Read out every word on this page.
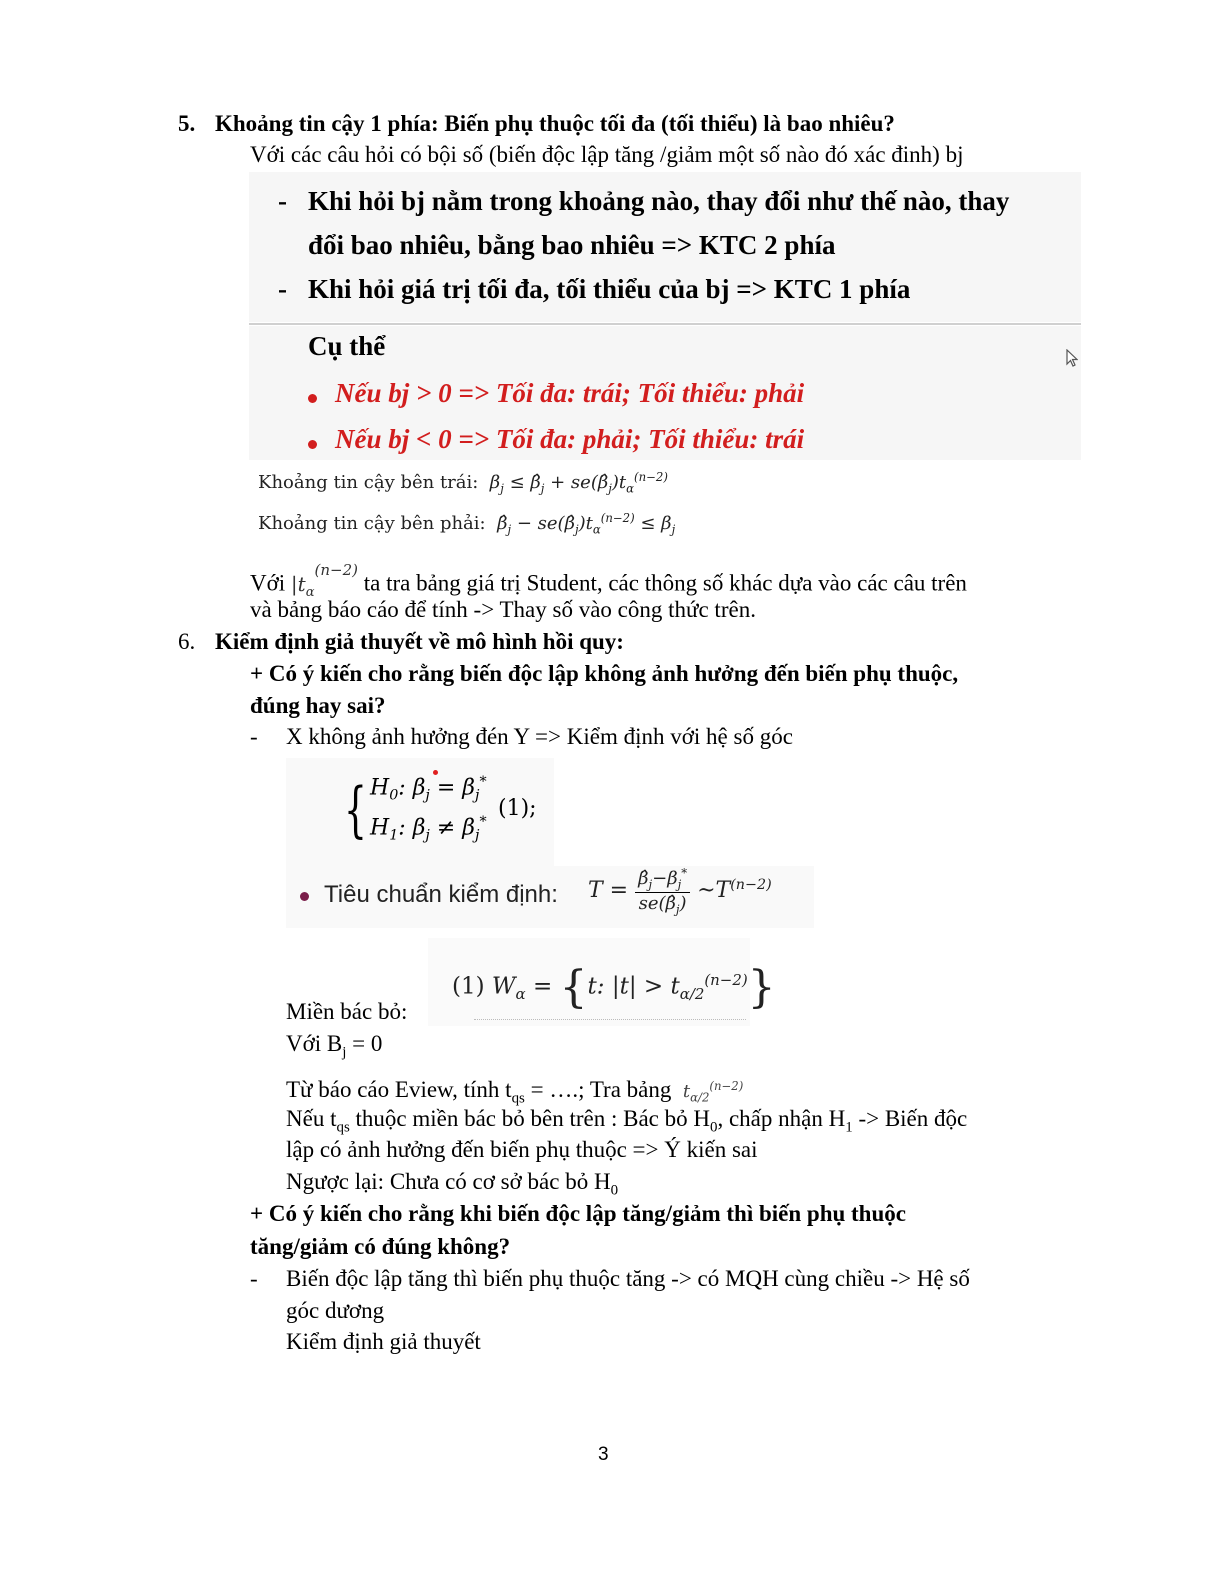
5. Khoảng tin cậy 1 phía: Biến phụ thuộc tối đa (tối thiểu) là bao nhiêu?
Với các câu hỏi có bội số (biến độc lập tăng /giảm một số nào đó xác đinh) bj
- Khi hỏi bj nằm trong khoảng nào, thay đổi như thế nào, thay
đổi bao nhiêu, bằng bao nhiêu => KTC 2 phía
- Khi hỏi giá trị tối đa, tối thiểu của bj => KTC 1 phía
Cụ thể
Nếu bj > 0 => Tối đa: trái; Tối thiểu: phải
Nếu bj < 0 => Tối đa: phải; Tối thiểu: trái
Khoảng tin cậy bên trái:  $\beta_j$ ≤ $\betâ_j$ + $se(\betâ_j)t_\alpha^{(n-2)}$
Khoảng tin cậy bên phải:  $\betâ_j$ − $se(\betâ_j)t_\alpha^{(n-2)} \le \beta_j$
Với $|t_\alpha^{(n-2)}$ ta tra bảng giá trị Student, các thông số khác dựa vào các câu trên
và bảng báo cáo để tính -> Thay số vào công thức trên.
6. Kiểm định giả thuyết về mô hình hồi quy:
+ Có ý kiến cho rằng biến độc lập không ảnh hưởng đến biến phụ thuộc,
đúng hay sai?
- X không ảnh hưởng đén Y => Kiểm định với hệ số góc
{ $H_0$: $\beta_j = \beta_j^*$
$H_1$: $\beta_j \ne \beta_j^*$
(1);
Tiêu chuẩn kiểm định: $T = \frac{\betâ_j-\beta_j^*}{se(\betâ_j)}$ $\sim T^{(n-2)}$
(1) $W_\alpha = \{t$: $|t| > t_{\alpha/2}^{(n-2)}$}
Miền bác bỏ:
Với $B_j = 0$
Từ báo cáo Eview, tính $t_{qs}$ = ….; Tra bảng  $t_{\alpha/2}^{(n-2)}$
Nếu $t_{qs}$ thuộc miền bác bỏ bên trên : Bác bỏ $H_0$, chấp nhận $H_1$ -> Biến độc
lập có ảnh hưởng đến biến phụ thuộc => Ý kiến sai
Ngược lại: Chưa có cơ sở bác bỏ $H_0$
+ Có ý kiến cho rằng khi biến độc lập tăng/giảm thì biến phụ thuộc
tăng/giảm có đúng không?
- Biến độc lập tăng thì biến phụ thuộc tăng -> có MQH cùng chiều -> Hệ số
góc dương
Kiểm định giả thuyết
3
